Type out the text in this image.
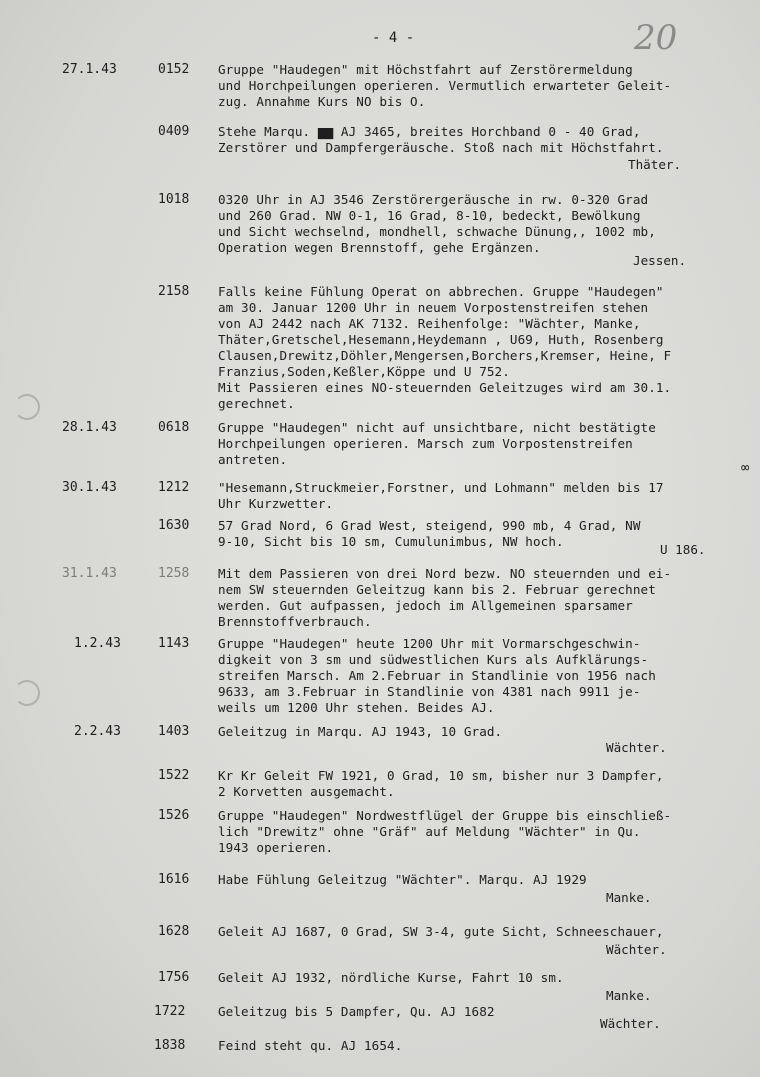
- 4 -	20
∞
27.1.43	0152 Gruppe "Haudegen" mit Höchstfahrt auf Zerstörermeldung
und Horchpeilungen operieren. Vermutlich erwarteter Geleit-
zug. Annahme Kurs NO bis O.
0409 Stehe Marqu. ▆▆ AJ 3465, breites Horchband 0 - 40 Grad,
Zerstörer und Dampfergeräusche. Stoß nach mit Höchstfahrt.
Thäter.
1018 0320 Uhr in AJ 3546 Zerstörergeräusche in rw. 0-320 Grad
und 260 Grad. NW 0-1, 16 Grad, 8-10, bedeckt, Bewölkung
und Sicht wechselnd, mondhell, schwache Dünung,, 1002 mb,
Operation wegen Brennstoff, gehe Ergänzen.
Jessen.
2158 Falls keine Fühlung Operat on abbrechen. Gruppe "Haudegen"
am 30. Januar 1200 Uhr in neuem Vorpostenstreifen stehen
von AJ 2442 nach AK 7132. Reihenfolge: "Wächter, Manke,
Thäter,Gretschel,Hesemann,Heydemann , U69, Huth, Rosenberg
Clausen,Drewitz,Döhler,Mengersen,Borchers,Kremser, Heine, F
Franzius,Soden,Keßler,Köppe und U 752.
Mit Passieren eines NO-steuernden Geleitzuges wird am 30.1.
gerechnet.
28.1.43	0618 Gruppe "Haudegen" nicht auf unsichtbare, nicht bestätigte
Horchpeilungen operieren. Marsch zum Vorpostenstreifen
antreten.
30.1.43	1212 "Hesemann,Struckmeier,Forstner, und Lohmann" melden bis 17
Uhr Kurzwetter.
1630 57 Grad Nord, 6 Grad West, steigend, 990 mb, 4 Grad, NW
9-10, Sicht bis 10 sm, Cumulunimbus, NW hoch.
U 186.
31.1.43	1258 Mit dem Passieren von drei Nord bezw. NO steuernden und ei-
nem SW steuernden Geleitzug kann bis 2. Februar gerechnet
werden. Gut aufpassen, jedoch im Allgemeinen sparsamer
Brennstoffverbrauch.
1.2.43	1143 Gruppe "Haudegen" heute 1200 Uhr mit Vormarschgeschwin-
digkeit von 3 sm und südwestlichen Kurs als Aufklärungs-
streifen Marsch. Am 2.Februar in Standlinie von 1956 nach
9633, am 3.Februar in Standlinie von 4381 nach 9911 je-
weils um 1200 Uhr stehen. Beides AJ.
2.2.43	1403 Geleitzug in Marqu. AJ 1943, 10 Grad.
Wächter.
1522 Kr Kr Geleit FW 1921, 0 Grad, 10 sm, bisher nur 3 Dampfer,
2 Korvetten ausgemacht.
1526 Gruppe "Haudegen" Nordwestflügel der Gruppe bis einschließ-
lich "Drewitz" ohne "Gräf" auf Meldung "Wächter" in Qu.
1943 operieren.
1616 Habe Fühlung Geleitzug "Wächter". Marqu. AJ 1929
Manke.
1628 Geleit AJ 1687, 0 Grad, SW 3-4, gute Sicht, Schneeschauer,
Wächter.
1756 Geleit AJ 1932, nördliche Kurse, Fahrt 10 sm.
Manke.
1722	Geleitzug bis 5 Dampfer, Qu. AJ 1682
Wächter.
1838	Feind steht qu. AJ 1654.
